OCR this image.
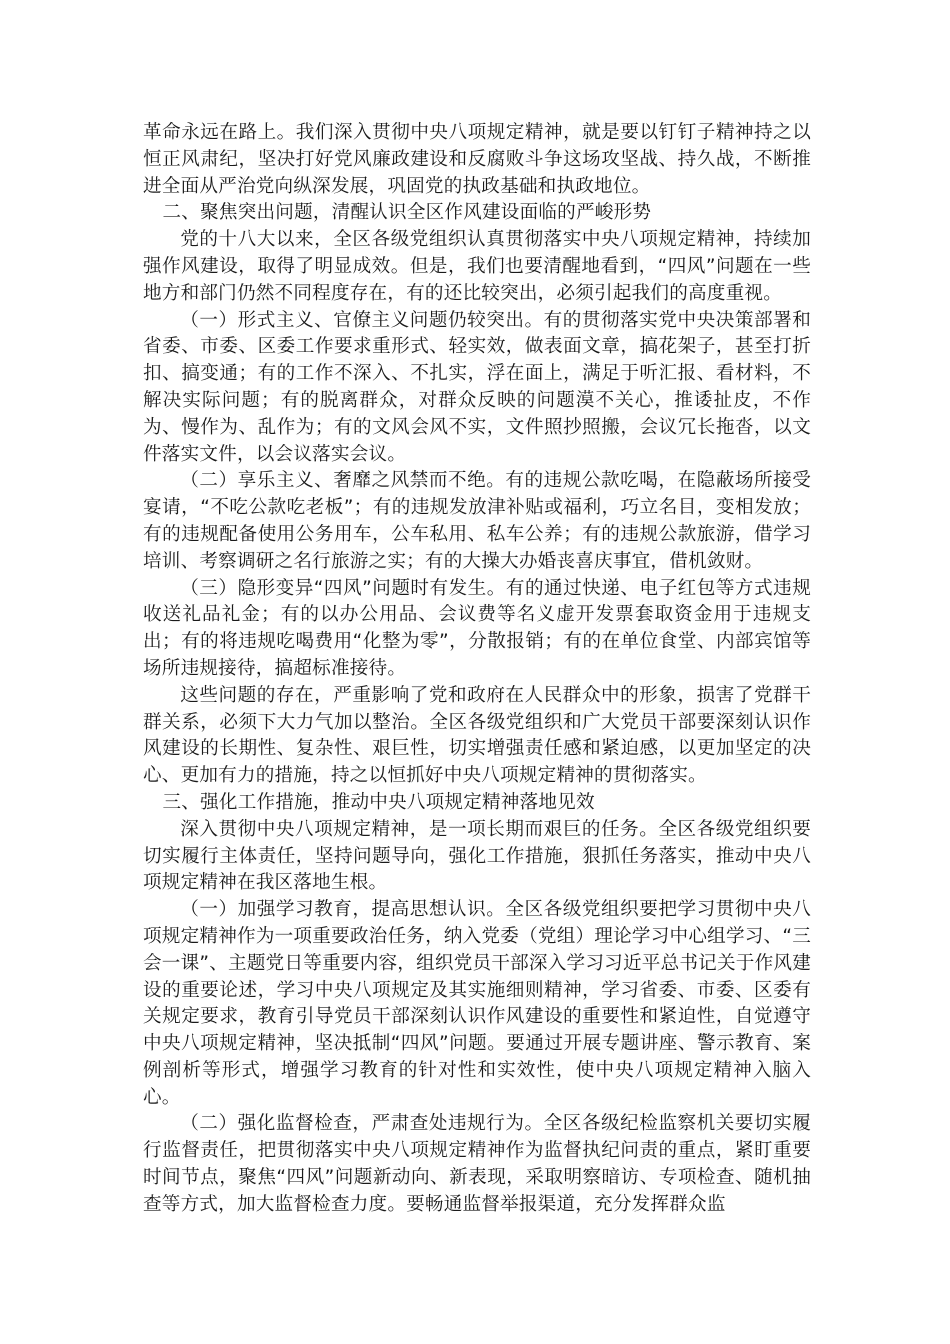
革命永远在路上。我们深入贯彻中央八项规定精神，就是要以钉钉子精神持之以恒正风肃纪，坚决打好党风廉政建设和反腐败斗争这场攻坚战、持久战，不断推进全面从严治党向纵深发展，巩固党的执政基础和执政地位。

二、聚焦突出问题，清醒认识全区作风建设面临的严峻形势

党的十八大以来，全区各级党组织认真贯彻落实中央八项规定精神，持续加强作风建设，取得了明显成效。但是，我们也要清醒地看到，“四风”问题在一些地方和部门仍然不同程度存在，有的还比较突出，必须引起我们的高度重视。

（一）形式主义、官僚主义问题仍较突出。有的贯彻落实党中央决策部署和省委、市委、区委工作要求重形式、轻实效，做表面文章，搞花架子，甚至打折扣、搞变通；有的工作不深入、不扎实，浮在面上，满足于听汇报、看材料，不解决实际问题；有的脱离群众，对群众反映的问题漠不关心，推诿扯皮，不作为、慢作为、乱作为；有的文风会风不实，文件照抄照搬，会议冗长拖沓，以文件落实文件，以会议落实会议。

（二）享乐主义、奢靡之风禁而不绝。有的违规公款吃喝，在隐蔽场所接受宴请，“不吃公款吃老板”；有的违规发放津补贴或福利，巧立名目，变相发放；有的违规配备使用公务用车，公车私用、私车公养；有的违规公款旅游，借学习培训、考察调研之名行旅游之实；有的大操大办婚丧喜庆事宜，借机敛财。

（三）隐形变异“四风”问题时有发生。有的通过快递、电子红包等方式违规收送礼品礼金；有的以办公用品、会议费等名义虚开发票套取资金用于违规支出；有的将违规吃喝费用“化整为零”，分散报销；有的在单位食堂、内部宾馆等场所违规接待，搞超标准接待。

这些问题的存在，严重影响了党和政府在人民群众中的形象，损害了党群干群关系，必须下大力气加以整治。全区各级党组织和广大党员干部要深刻认识作风建设的长期性、复杂性、艰巨性，切实增强责任感和紧迫感，以更加坚定的决心、更加有力的措施，持之以恒抓好中央八项规定精神的贯彻落实。

三、强化工作措施，推动中央八项规定精神落地见效

深入贯彻中央八项规定精神，是一项长期而艰巨的任务。全区各级党组织要切实履行主体责任，坚持问题导向，强化工作措施，狠抓任务落实，推动中央八项规定精神在我区落地生根。

（一）加强学习教育，提高思想认识。全区各级党组织要把学习贯彻中央八项规定精神作为一项重要政治任务，纳入党委（党组）理论学习中心组学习、“三会一课”、主题党日等重要内容，组织党员干部深入学习习近平总书记关于作风建设的重要论述，学习中央八项规定及其实施细则精神，学习省委、市委、区委有关规定要求，教育引导党员干部深刻认识作风建设的重要性和紧迫性，自觉遵守中央八项规定精神，坚决抵制“四风”问题。要通过开展专题讲座、警示教育、案例剖析等形式，增强学习教育的针对性和实效性，使中央八项规定精神入脑入心。

（二）强化监督检查，严肃查处违规行为。全区各级纪检监察机关要切实履行监督责任，把贯彻落实中央八项规定精神作为监督执纪问责的重点，紧盯重要时间节点，聚焦“四风”问题新动向、新表现，采取明察暗访、专项检查、随机抽查等方式，加大监督检查力度。要畅通监督举报渠道，充分发挥群众监
